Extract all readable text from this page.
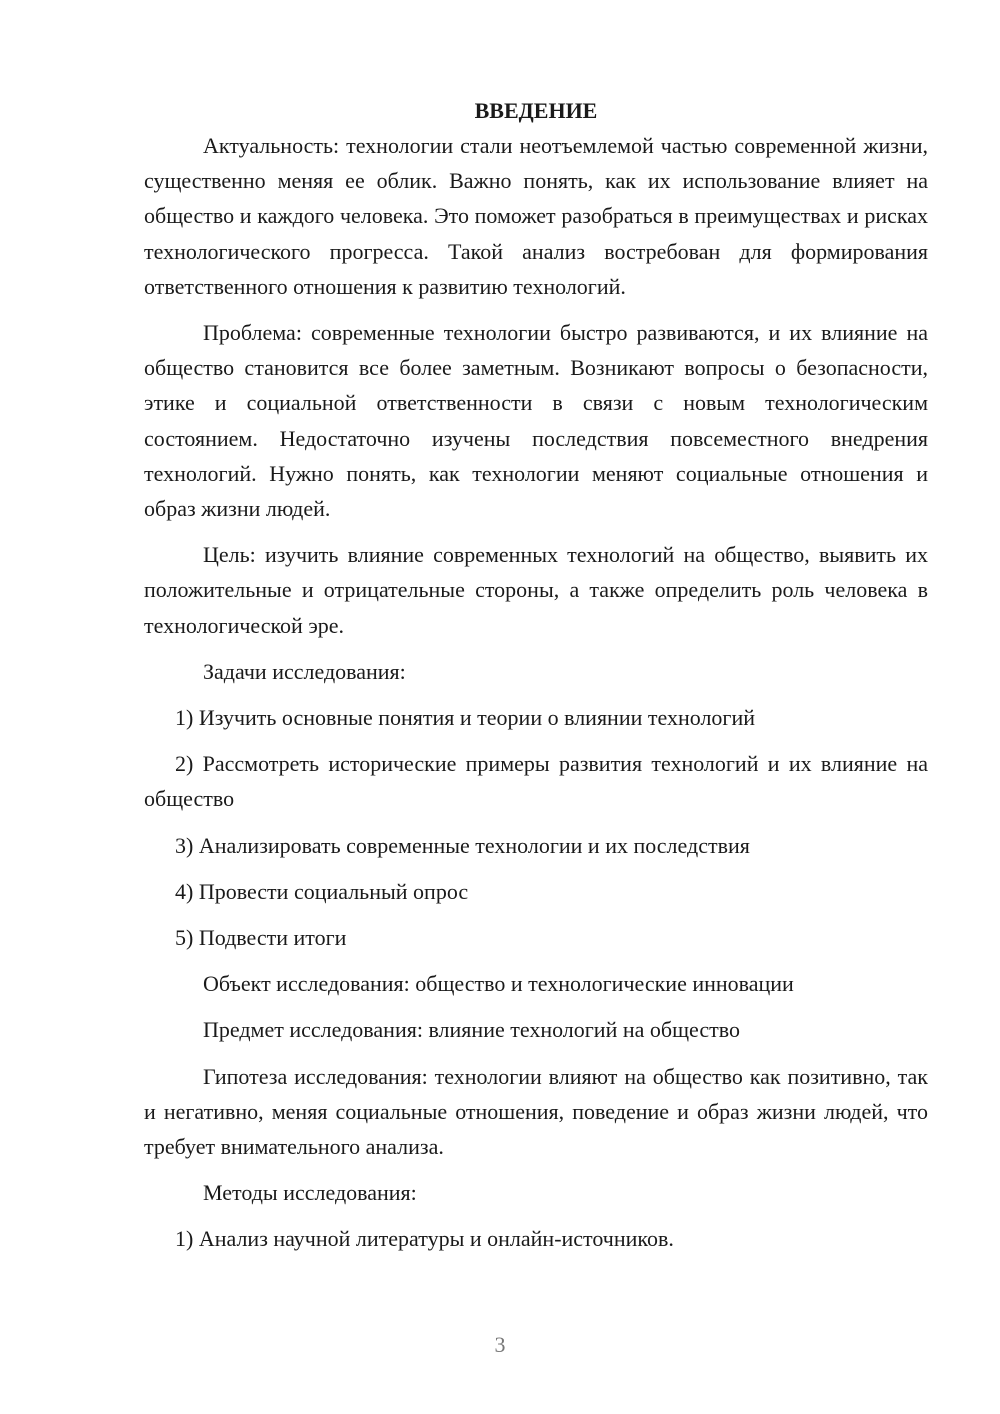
ВВЕДЕНИЕ

Актуальность: технологии стали неотъемлемой частью современной жизни, существенно меняя ее облик. Важно понять, как их использование влияет на общество и каждого человека. Это поможет разобраться в преимуществах и рисках технологического прогресса. Такой анализ востребован для формирования ответственного отношения к развитию технологий.

Проблема: современные технологии быстро развиваются, и их влияние на общество становится все более заметным. Возникают вопросы о безопасности, этике и социальной ответственности в связи с новым технологическим состоянием. Недостаточно изучены последствия повсеместного внедрения технологий. Нужно понять, как технологии меняют социальные отношения и образ жизни людей.

Цель: изучить влияние современных технологий на общество, выявить их положительные и отрицательные стороны, а также определить роль человека в технологической эре.

Задачи исследования:

1) Изучить основные понятия и теории о влиянии технологий

2) Рассмотреть исторические примеры развития технологий и их влияние на общество

3) Анализировать современные технологии и их последствия

4) Провести социальный опрос

5) Подвести итоги

Объект исследования: общество и технологические инновации

Предмет исследования: влияние технологий на общество

Гипотеза исследования: технологии влияют на общество как позитивно, так и негативно, меняя социальные отношения, поведение и образ жизни людей, что требует внимательного анализа.

Методы исследования:

1) Анализ научной литературы и онлайн-источников.

3
